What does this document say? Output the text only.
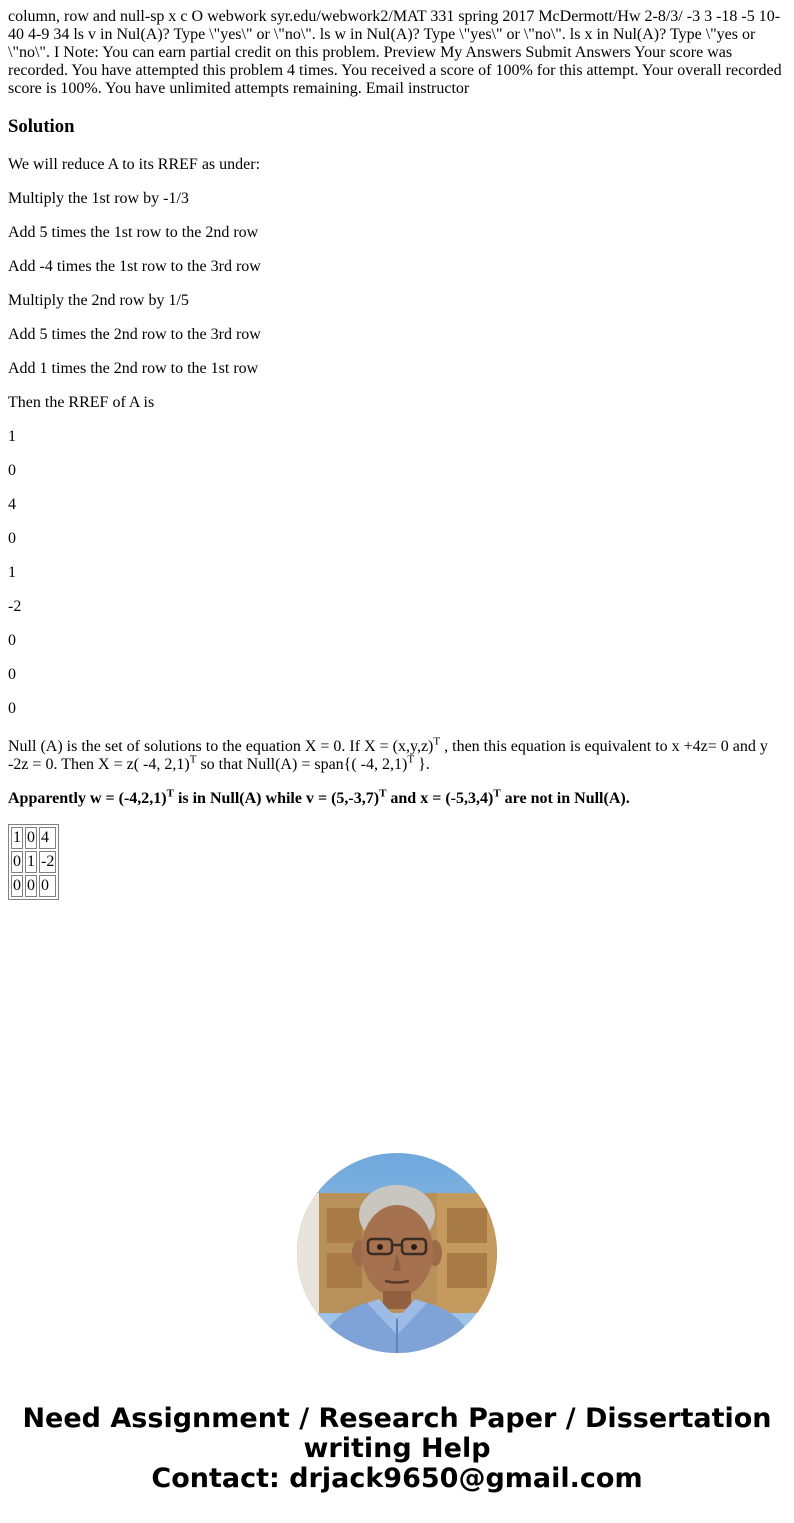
column, row and null-sp x c O webwork syr.edu/webwork2/MAT 331 spring 2017 McDermott/Hw 2-8/3/ -3 3 -18 -5 10-40 4-9 34 ls v in Nul(A)? Type \"yes\" or \"no\". ls w in Nul(A)? Type \"yes\" or \"no\". ls x in Nul(A)? Type \"yes or \"no\". I Note: You can earn partial credit on this problem. Preview My Answers Submit Answers Your score was recorded. You have attempted this problem 4 times. You received a score of 100% for this attempt. Your overall recorded score is 100%. You have unlimited attempts remaining. Email instructor
Solution

We will reduce A to its RREF as under:

Multiply the 1st row by -1/3

Add 5 times the 1st row to the 2nd row

Add -4 times the 1st row to the 3rd row

Multiply the 2nd row by 1/5

Add 5 times the 2nd row to the 3rd row

Add 1 times the 2nd row to the 1st row

Then the RREF of A is

1

0

4

0

1

-2

0

0

0

Null (A) is the set of solutions to the equation X = 0. If $X = (x,y,z)^T$ , then this equation is equivalent to x +4z= 0 and y -2z = 0. Then X = z( -4, 2,1)$^T$ so that Null(A) = span{( -4, 2,1)$^T$ }.

Apparently $w = (-4,2,1)^T$ is in Null(A) while $v = (5,-3,7)^T$ and $x = (-5,3,4)^T$ are not in Null(A).

1	0	4
0	1	-2
0	0	0
Need Assignment / Research Paper / Dissertation
writing Help
Contact: drjack9650@gmail.com
